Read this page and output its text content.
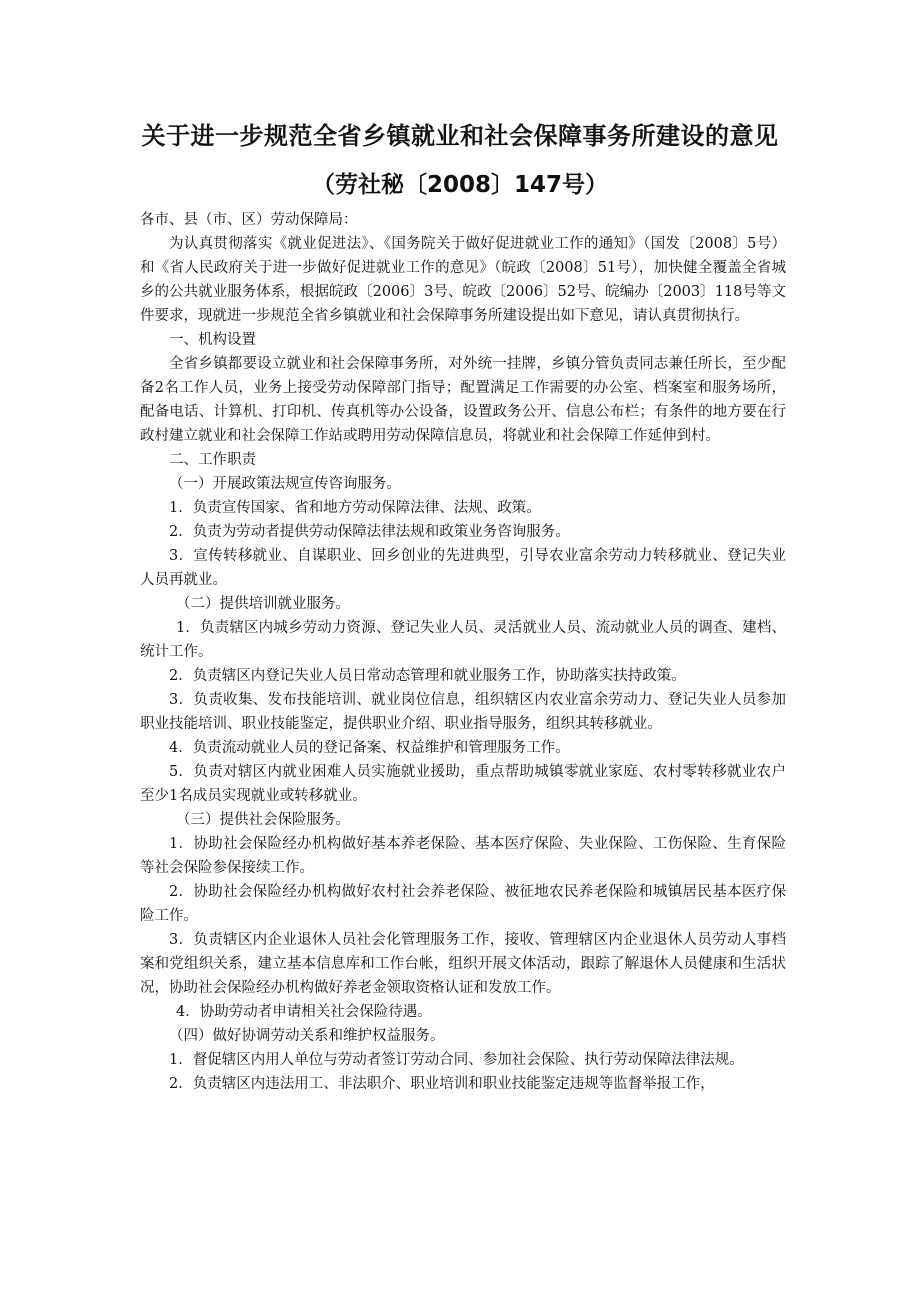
关于进一步规范全省乡镇就业和社会保障事务所建设的意见
（劳社秘〔2008〕147号）

各市、县（市、区）劳动保障局：

为认真贯彻落实《就业促进法》、《国务院关于做好促进就业工作的通知》（国发〔2008〕5号）和《省人民政府关于进一步做好促进就业工作的意见》（皖政〔2008〕51号），加快健全覆盖全省城乡的公共就业服务体系，根据皖政〔2006〕3号、皖政〔2006〕52号、皖编办〔2003〕118号等文件要求，现就进一步规范全省乡镇就业和社会保障事务所建设提出如下意见，请认真贯彻执行。

一、机构设置

全省乡镇都要设立就业和社会保障事务所，对外统一挂牌，乡镇分管负责同志兼任所长，至少配备2名工作人员，业务上接受劳动保障部门指导；配置满足工作需要的办公室、档案室和服务场所，配备电话、计算机、打印机、传真机等办公设备，设置政务公开、信息公布栏；有条件的地方要在行政村建立就业和社会保障工作站或聘用劳动保障信息员，将就业和社会保障工作延伸到村。

二、工作职责

（一）开展政策法规宣传咨询服务。

1．负责宣传国家、省和地方劳动保障法律、法规、政策。

2．负责为劳动者提供劳动保障法律法规和政策业务咨询服务。

3．宣传转移就业、自谋职业、回乡创业的先进典型，引导农业富余劳动力转移就业、登记失业人员再就业。

（二）提供培训就业服务。

1．负责辖区内城乡劳动力资源、登记失业人员、灵活就业人员、流动就业人员的调查、建档、统计工作。

2．负责辖区内登记失业人员日常动态管理和就业服务工作，协助落实扶持政策。

3．负责收集、发布技能培训、就业岗位信息，组织辖区内农业富余劳动力、登记失业人员参加职业技能培训、职业技能鉴定，提供职业介绍、职业指导服务，组织其转移就业。

4．负责流动就业人员的登记备案、权益维护和管理服务工作。

5．负责对辖区内就业困难人员实施就业援助，重点帮助城镇零就业家庭、农村零转移就业农户至少1名成员实现就业或转移就业。

（三）提供社会保险服务。

1．协助社会保险经办机构做好基本养老保险、基本医疗保险、失业保险、工伤保险、生育保险等社会保险参保接续工作。

2．协助社会保险经办机构做好农村社会养老保险、被征地农民养老保险和城镇居民基本医疗保险工作。

3．负责辖区内企业退休人员社会化管理服务工作，接收、管理辖区内企业退休人员劳动人事档案和党组织关系，建立基本信息库和工作台帐，组织开展文体活动，跟踪了解退休人员健康和生活状况，协助社会保险经办机构做好养老金领取资格认证和发放工作。

4．协助劳动者申请相关社会保险待遇。

（四）做好协调劳动关系和维护权益服务。

1．督促辖区内用人单位与劳动者签订劳动合同、参加社会保险、执行劳动保障法律法规。

2．负责辖区内违法用工、非法职介、职业培训和职业技能鉴定违规等监督举报工作，
